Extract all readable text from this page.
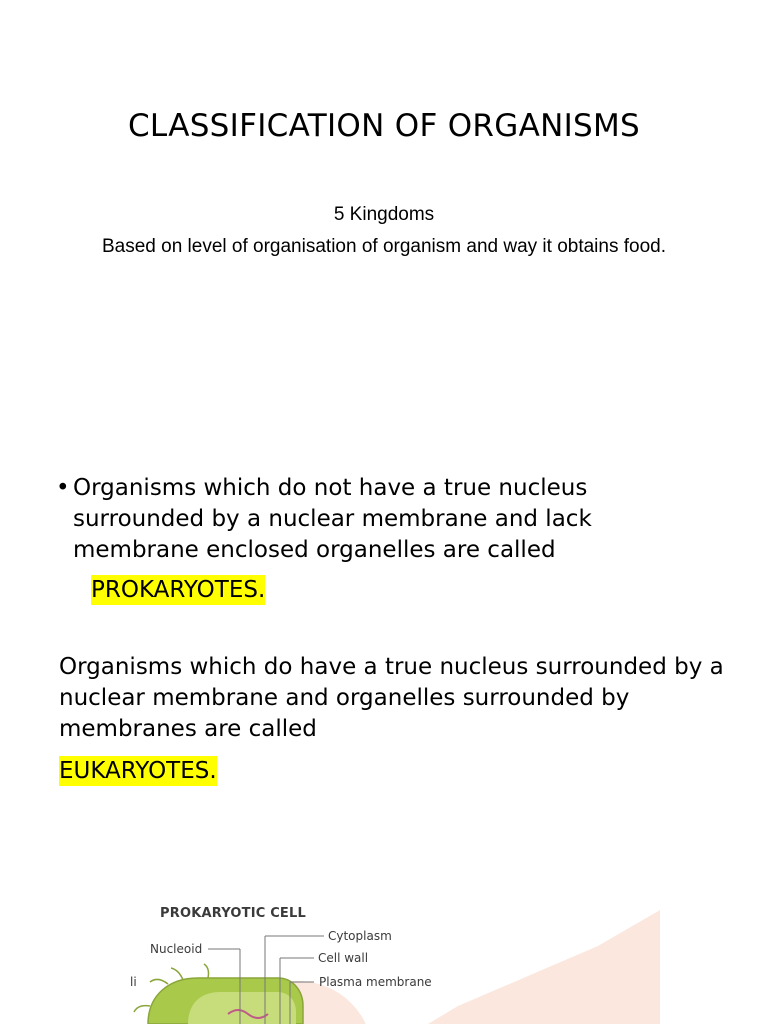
CLASSIFICATION OF ORGANISMS

5 Kingdoms

Based on level of organisation of organism and way it obtains food.

• Organisms which do not have a true nucleus surrounded by a nuclear membrane and lack membrane enclosed organelles are called
PROKARYOTES.
Organisms which do have a true nucleus surrounded by a nuclear membrane and organelles surrounded by membranes are called
EUKARYOTES.
PROKARYOTIC CELL
Nucleoid
Cytoplasm
Cell wall
Plasma membrane
li
